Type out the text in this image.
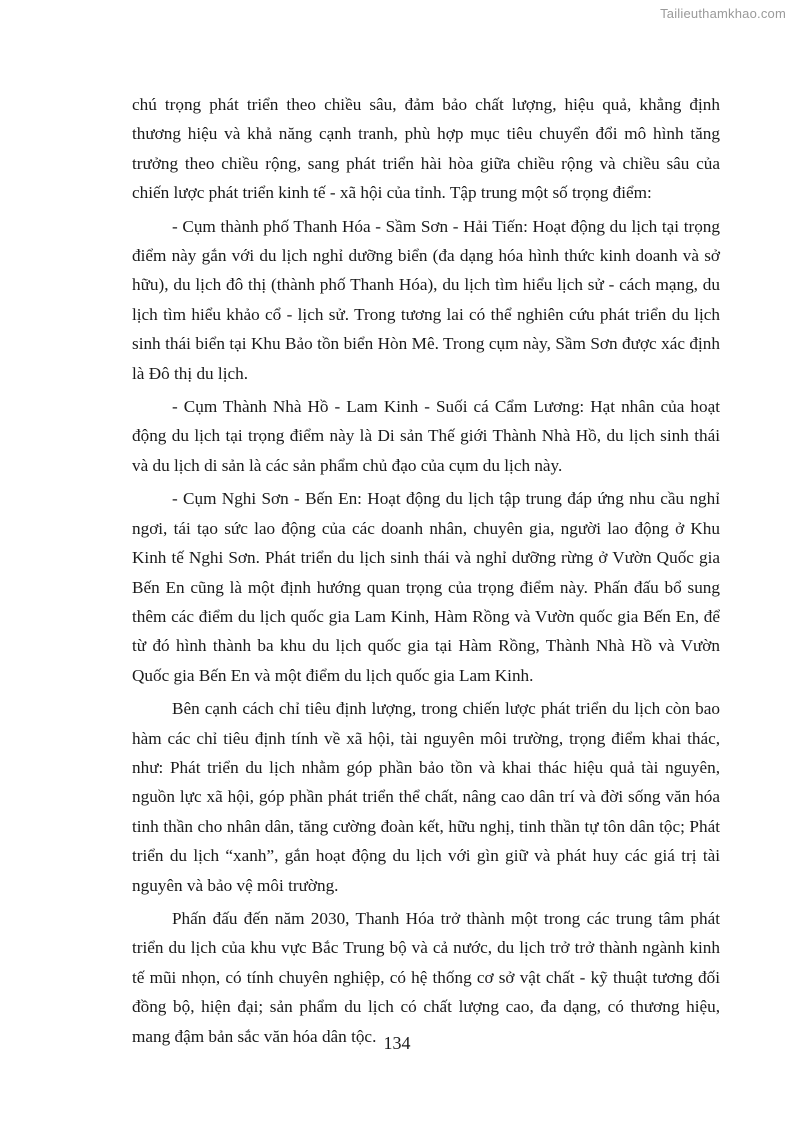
Tailieuthamkhao.com

chú trọng phát triển theo chiều sâu, đảm bảo chất lượng, hiệu quả, khẳng định thương hiệu và khả năng cạnh tranh, phù hợp mục tiêu chuyển đổi mô hình tăng trưởng theo chiều rộng, sang phát triển hài hòa giữa chiều rộng và chiều sâu của chiến lược phát triển kinh tế - xã hội của tỉnh. Tập trung một số trọng điểm:

- Cụm thành phố Thanh Hóa - Sầm Sơn - Hải Tiến: Hoạt động du lịch tại trọng điểm này gắn với du lịch nghỉ dưỡng biển (đa dạng hóa hình thức kinh doanh và sở hữu), du lịch đô thị (thành phố Thanh Hóa), du lịch tìm hiểu lịch sử - cách mạng, du lịch tìm hiểu khảo cổ - lịch sử. Trong tương lai có thể nghiên cứu phát triển du lịch sinh thái biển tại Khu Bảo tồn biển Hòn Mê. Trong cụm này, Sầm Sơn được xác định là Đô thị du lịch.

- Cụm Thành Nhà Hồ - Lam Kinh - Suối cá Cẩm Lương: Hạt nhân của hoạt động du lịch tại trọng điểm này là Di sản Thế giới Thành Nhà Hồ, du lịch sinh thái và du lịch di sản là các sản phẩm chủ đạo của cụm du lịch này.

- Cụm Nghi Sơn - Bến En: Hoạt động du lịch tập trung đáp ứng nhu cầu nghỉ ngơi, tái tạo sức lao động của các doanh nhân, chuyên gia, người lao động ở Khu Kinh tế Nghi Sơn. Phát triển du lịch sinh thái và nghỉ dưỡng rừng ở Vườn Quốc gia Bến En cũng là một định hướng quan trọng của trọng điểm này. Phấn đấu bổ sung thêm các điểm du lịch quốc gia Lam Kinh, Hàm Rồng và Vườn quốc gia Bến En, để từ đó hình thành ba khu du lịch quốc gia tại Hàm Rồng, Thành Nhà Hồ và Vườn Quốc gia Bến En và một điểm du lịch quốc gia Lam Kinh.

Bên cạnh cách chỉ tiêu định lượng, trong chiến lược phát triển du lịch còn bao hàm các chỉ tiêu định tính về xã hội, tài nguyên môi trường, trọng điểm khai thác, như: Phát triển du lịch nhằm góp phần bảo tồn và khai thác hiệu quả tài nguyên, nguồn lực xã hội, góp phần phát triển thể chất, nâng cao dân trí và đời sống văn hóa tinh thần cho nhân dân, tăng cường đoàn kết, hữu nghị, tinh thần tự tôn dân tộc; Phát triển du lịch “xanh”, gắn hoạt động du lịch với gìn giữ và phát huy các giá trị tài nguyên và bảo vệ môi trường.

Phấn đấu đến năm 2030, Thanh Hóa trở thành một trong các trung tâm phát triển du lịch của khu vực Bắc Trung bộ và cả nước, du lịch trở trở thành ngành kinh tế mũi nhọn, có tính chuyên nghiệp, có hệ thống cơ sở vật chất - kỹ thuật tương đối đồng bộ, hiện đại; sản phẩm du lịch có chất lượng cao, đa dạng, có thương hiệu, mang đậm bản sắc văn hóa dân tộc. 134
